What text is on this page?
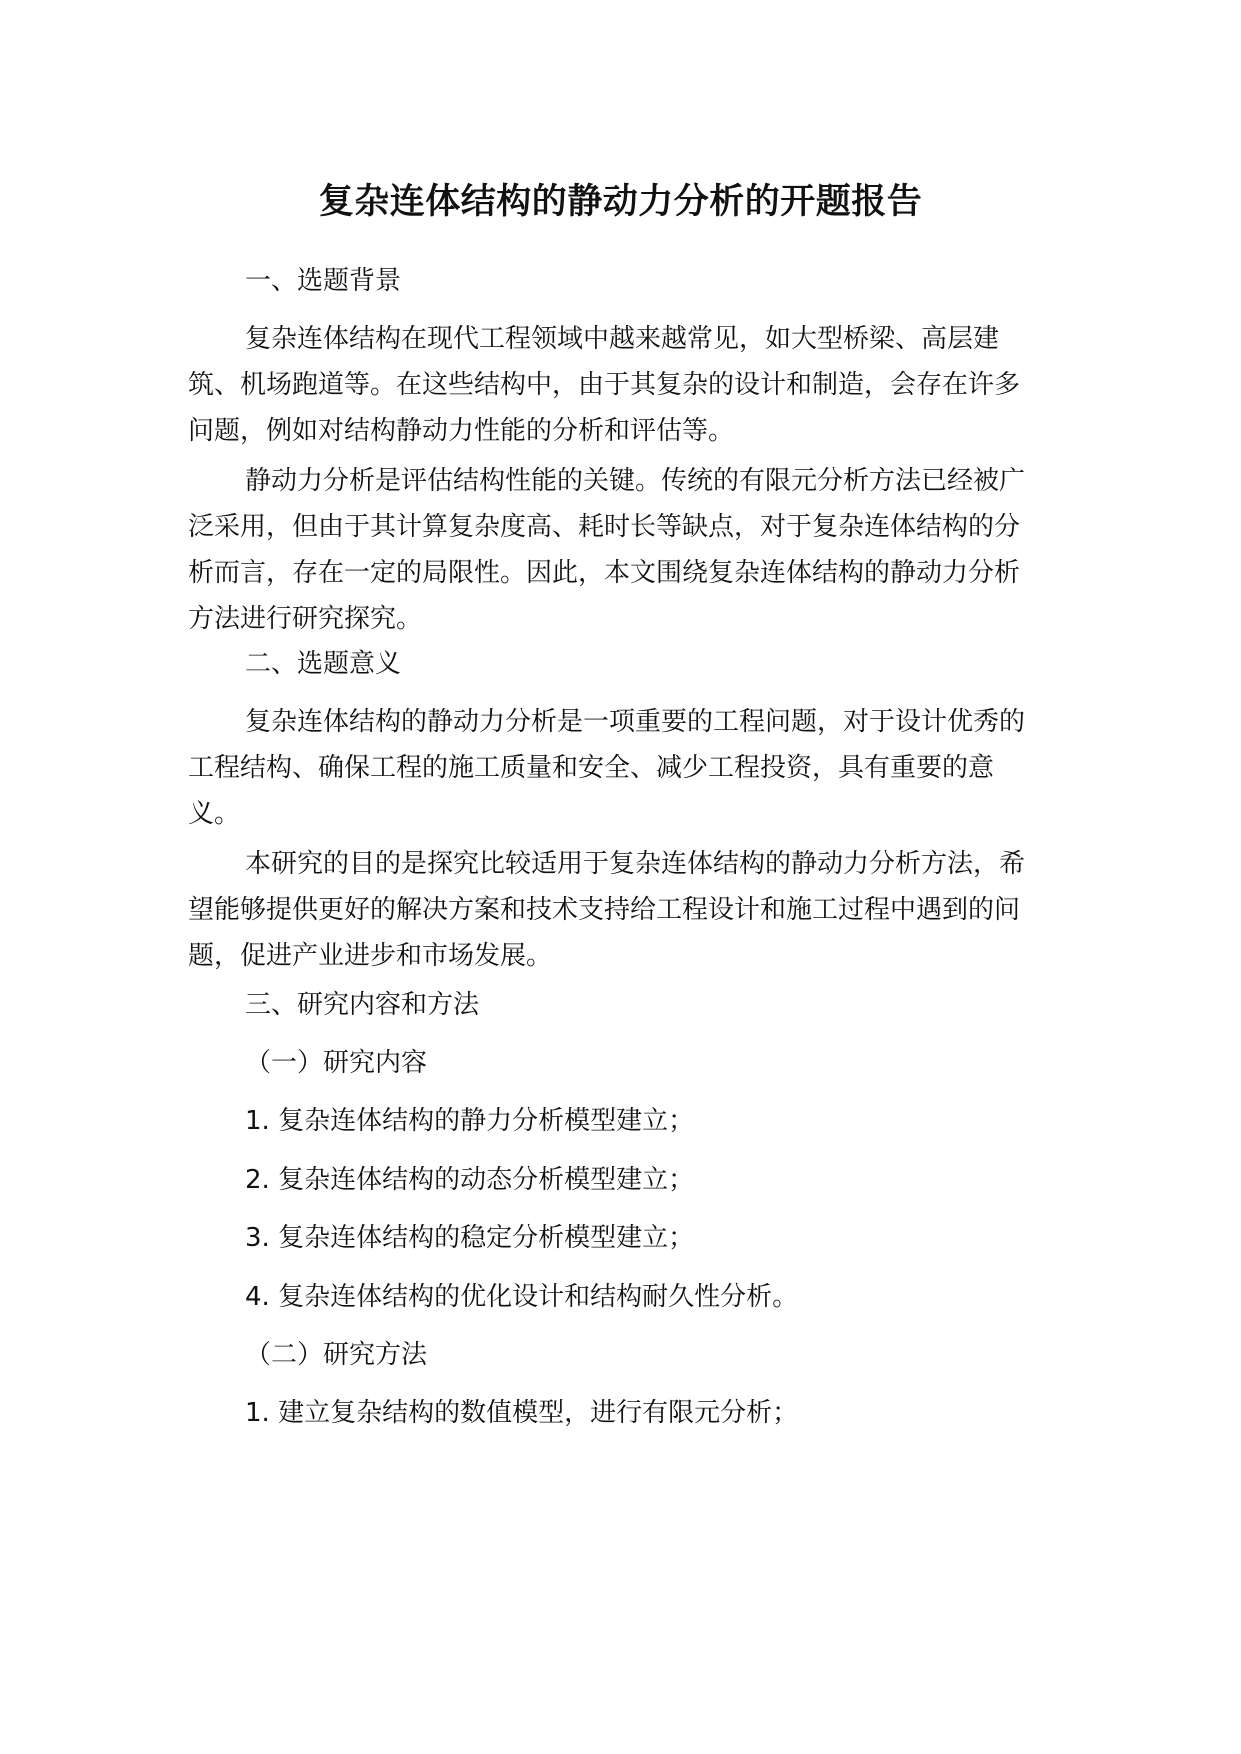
复杂连体结构的静动力分析的开题报告

一、选题背景

复杂连体结构在现代工程领域中越来越常见，如大型桥梁、高层建筑、机场跑道等。在这些结构中，由于其复杂的设计和制造，会存在许多问题，例如对结构静动力性能的分析和评估等。

静动力分析是评估结构性能的关键。传统的有限元分析方法已经被广泛采用，但由于其计算复杂度高、耗时长等缺点，对于复杂连体结构的分析而言，存在一定的局限性。因此，本文围绕复杂连体结构的静动力分析方法进行研究探究。

二、选题意义

复杂连体结构的静动力分析是一项重要的工程问题，对于设计优秀的工程结构、确保工程的施工质量和安全、减少工程投资，具有重要的意义。

本研究的目的是探究比较适用于复杂连体结构的静动力分析方法，希望能够提供更好的解决方案和技术支持给工程设计和施工过程中遇到的问题，促进产业进步和市场发展。

三、研究内容和方法

（一）研究内容

1. 复杂连体结构的静力分析模型建立；

2. 复杂连体结构的动态分析模型建立；

3. 复杂连体结构的稳定分析模型建立；

4. 复杂连体结构的优化设计和结构耐久性分析。

（二）研究方法

1. 建立复杂结构的数值模型，进行有限元分析；
